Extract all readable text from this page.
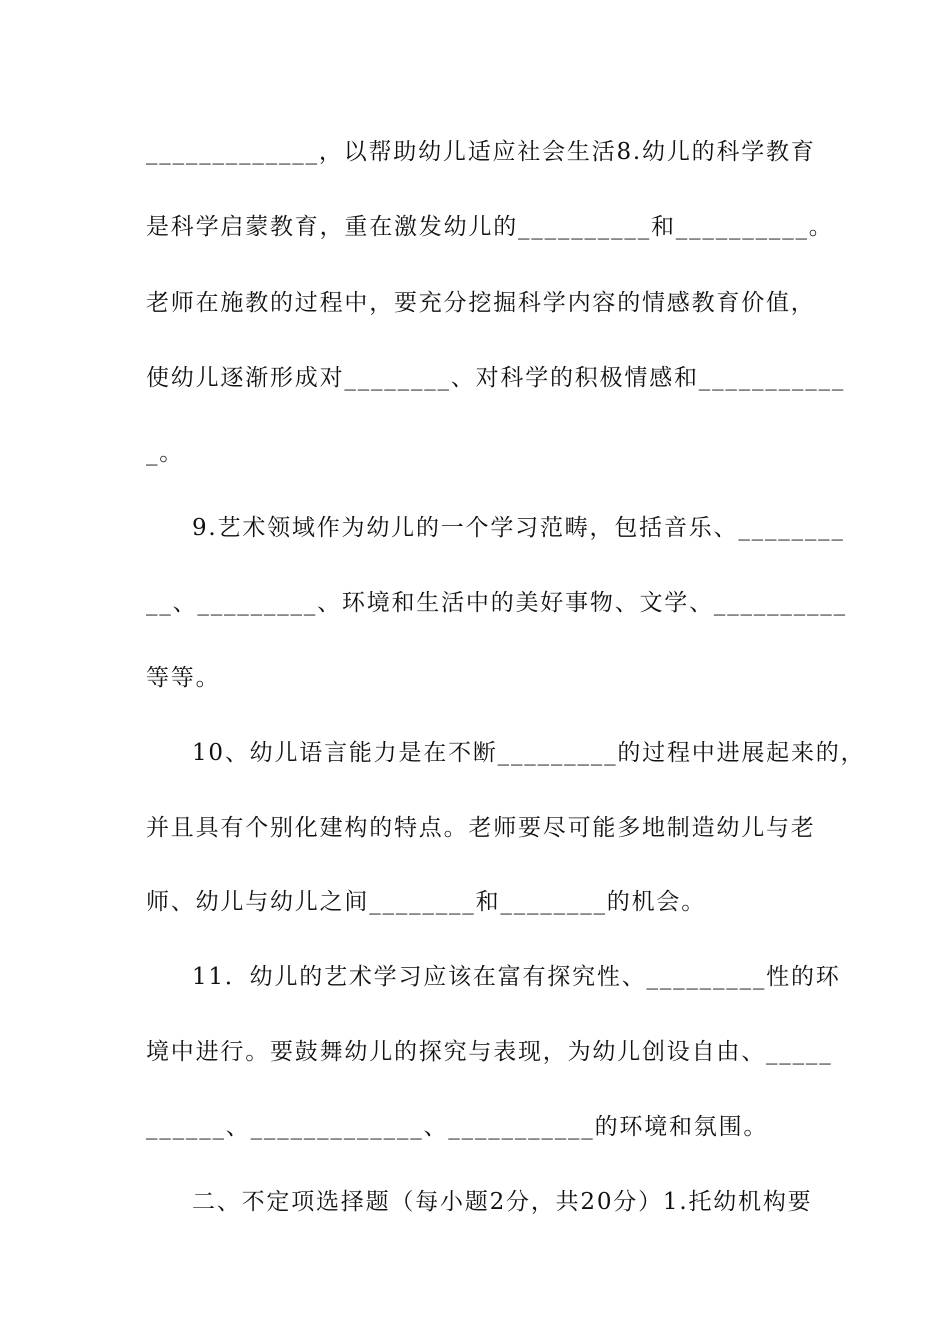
_____________，以帮助幼儿适应社会生活8.幼儿的科学教育
是科学启蒙教育，重在激发幼儿的__________和__________。
老师在施教的过程中，要充分挖掘科学内容的情感教育价值，
使幼儿逐渐形成对________、对科学的积极情感和___________
_。
9.艺术领域作为幼儿的一个学习范畴，包括音乐、________
__、_________、环境和生活中的美好事物、文学、__________
等等。
10、幼儿语言能力是在不断_________的过程中进展起来的，
并且具有个别化建构的特点。老师要尽可能多地制造幼儿与老
师、幼儿与幼儿之间________和________的机会。
11．幼儿的艺术学习应该在富有探究性、_________性的环
境中进行。要鼓舞幼儿的探究与表现，为幼儿创设自由、_____
______、_____________、___________的环境和氛围。
二、不定项选择题（每小题2分，共20分）1.托幼机构要
